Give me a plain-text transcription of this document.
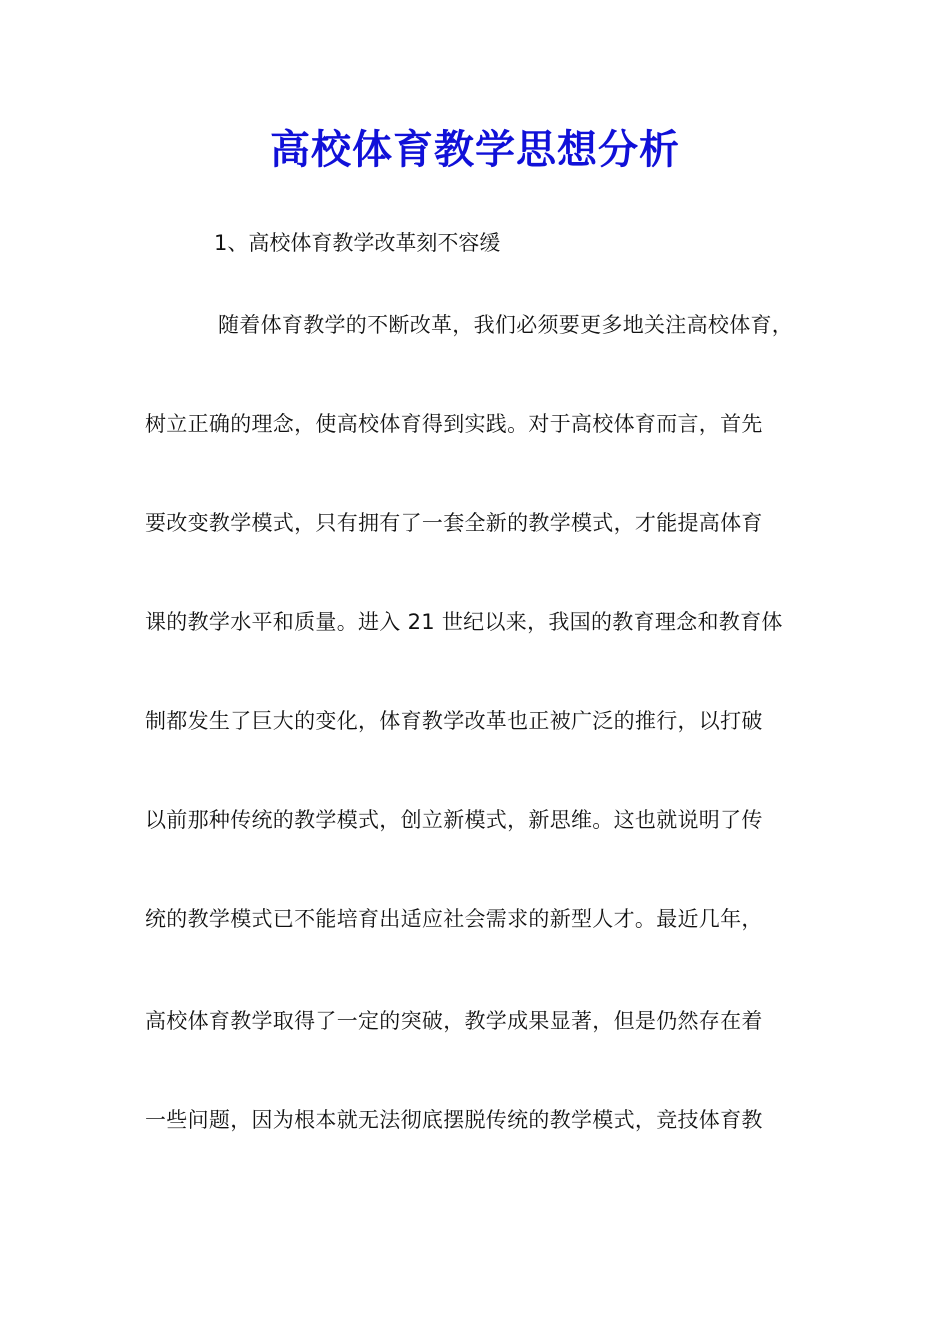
高校体育教学思想分析
1、高校体育教学改革刻不容缓
随着体育教学的不断改革，我们必须要更多地关注高校体育，
树立正确的理念，使高校体育得到实践。对于高校体育而言，首先
要改变教学模式，只有拥有了一套全新的教学模式，才能提高体育
课的教学水平和质量。进入 21 世纪以来，我国的教育理念和教育体
制都发生了巨大的变化，体育教学改革也正被广泛的推行，以打破
以前那种传统的教学模式，创立新模式，新思维。这也就说明了传
统的教学模式已不能培育出适应社会需求的新型人才。最近几年，
高校体育教学取得了一定的突破，教学成果显著，但是仍然存在着
一些问题，因为根本就无法彻底摆脱传统的教学模式，竞技体育教
